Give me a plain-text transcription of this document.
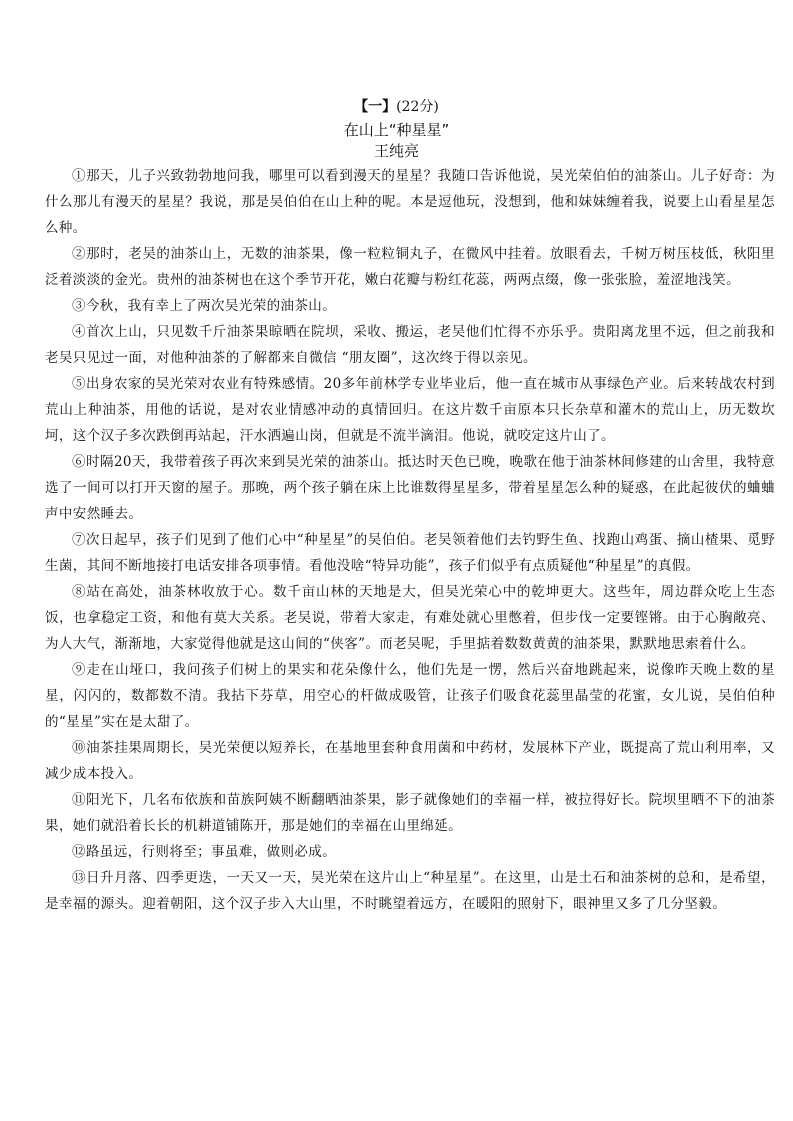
【一】(22分)
在山上“种星星”
王纯亮

①那天，儿子兴致勃勃地问我，哪里可以看到漫天的星星？我随口告诉他说，吴光荣伯伯的油茶山。儿子好奇：为什么那儿有漫天的星星？我说，那是吴伯伯在山上种的呢。本是逗他玩，没想到，他和妹妹缠着我，说要上山看星星怎么种。

②那时，老吴的油茶山上，无数的油茶果，像一粒粒铜丸子，在微风中挂着。放眼看去，千树万树压枝低，秋阳里泛着淡淡的金光。贵州的油茶树也在这个季节开花，嫩白花瓣与粉红花蕊，两两点缀，像一张张脸，羞涩地浅笑。

③今秋，我有幸上了两次吴光荣的油茶山。

④首次上山，只见数千斤油茶果晾晒在院坝，采收、搬运，老吴他们忙得不亦乐乎。贵阳离龙里不远，但之前我和老吴只见过一面，对他种油茶的了解都来自微信 “朋友圈”，这次终于得以亲见。

⑤出身农家的吴光荣对农业有特殊感情。20多年前林学专业毕业后，他一直在城市从事绿色产业。后来转战农村到荒山上种油茶，用他的话说，是对农业情感冲动的真情回归。在这片数千亩原本只长杂草和灌木的荒山上，历无数坎坷，这个汉子多次跌倒再站起，汗水洒遍山岗，但就是不流半滴泪。他说，就咬定这片山了。

⑥时隔20天，我带着孩子再次来到吴光荣的油茶山。抵达时天色已晚，晚歌在他于油茶林间修建的山舍里，我特意选了一间可以打开天窗的屋子。那晚，两个孩子躺在床上比谁数得星星多，带着星星怎么种的疑惑，在此起彼伏的蛐蛐声中安然睡去。

⑦次日起早，孩子们见到了他们心中“种星星”的吴伯伯。老吴领着他们去钓野生鱼、找跑山鸡蛋、摘山楂果、觅野生菌，其间不断地接打电话安排各项事情。看他没啥“特异功能”，孩子们似乎有点质疑他“种星星”的真假。

⑧站在高处，油茶林收放于心。数千亩山林的天地是大，但吴光荣心中的乾坤更大。这些年，周边群众吃上生态饭，也拿稳定工资，和他有莫大关系。老吴说，带着大家走，有难处就心里憋着，但步伐一定要铿锵。由于心胸敞亮、为人大气，渐渐地，大家觉得他就是这山间的“侠客”。而老吴呢，手里掂着数数黄黄的油茶果，默默地思索着什么。

⑨走在山垭口，我问孩子们树上的果实和花朵像什么，他们先是一愣，然后兴奋地跳起来，说像昨天晚上数的星星，闪闪的，数都数不清。我拈下芬草，用空心的杆做成吸管，让孩子们吸食花蕊里晶莹的花蜜，女儿说，吴伯伯种的“星星”实在是太甜了。

⑩油茶挂果周期长，吴光荣便以短养长，在基地里套种食用菌和中药材，发展林下产业，既提高了荒山利用率，又减少成本投入。

⑪阳光下，几名布依族和苗族阿姨不断翻晒油茶果，影子就像她们的幸福一样，被拉得好长。院坝里晒不下的油茶果，她们就沿着长长的机耕道铺陈开，那是她们的幸福在山里绵延。

⑫路虽远，行则将至；事虽难，做则必成。

⑬日升月落、四季更迭，一天又一天，吴光荣在这片山上“种星星”。在这里，山是土石和油茶树的总和，是希望，是幸福的源头。迎着朝阳，这个汉子步入大山里，不时眺望着远方，在暖阳的照射下，眼神里又多了几分坚毅。
